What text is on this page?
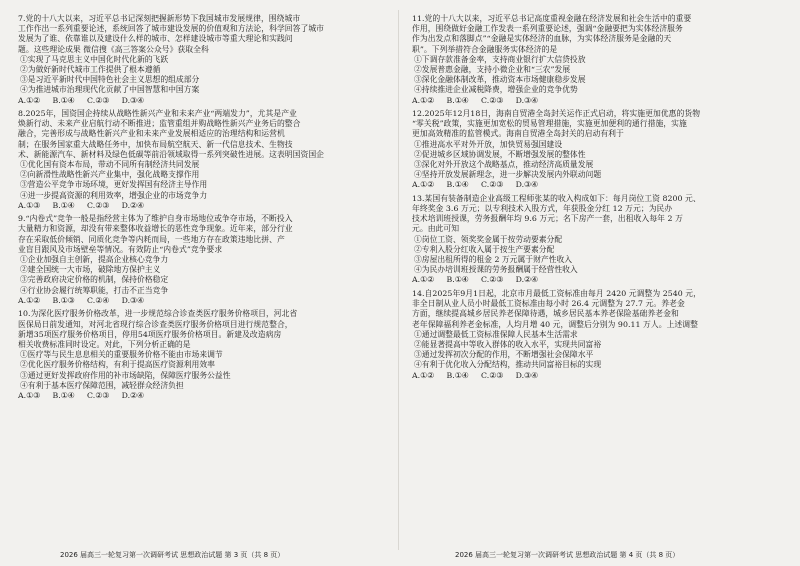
7.党的十八大以来，习近平总书记深刻把握新形势下我国城市发展规律，围绕城市
工作作出一系列重要论述，系统回答了城市建设发展的价值观和方法论，科学回答了城市
发展为了谁、依靠谁以及建设什么样的城市、怎样建设城市等重大理论和实践问
题。这些理论成果 微信搜《高三答案公众号》获取全科
①实现了马克思主义中国化时代化新的飞跃
②为做好新时代城市工作提供了根本遵循
③是习近平新时代中国特色社会主义思想的组成部分
④为推进城市治理现代化贡献了中国智慧和中国方案
A.①②     B.①④     C.②③     D.③④
8.2025年，国资国企持续从战略性新兴产业和未来产业“两端发力”，尤其是产业
焕新行动、未来产业启航行动不断推进；监管重组并购战略性新兴产业务后的整合
融合，完善形成与战略性新兴产业和未来产业发展相适应的治理结构和运营机
制；在服务国家重大战略任务中，加快布局航空航天、新一代信息技术、生物技
术、新能源汽车、新材料及绿色低碳等前沿领域取得一系列突破性进展。这表明国资国企
①优化国有资本布局，带动不同所有制经济共同发展
②向新滑性战略性新兴产业集中，强化战略支撑作用
③营造公平竞争市场环境，更好发挥国有经济主导作用
④进一步提高资源的利用效率，增强企业的市场竞争力
A.①③     B.①④     C.②③     D.②④
9.“内卷式”竞争一般是指经营主体为了维护自身市场地位或争夺市场，不断投入
大量精力和资源，却没有带来整体收益增长的恶性竞争现象。近年来，部分行业
存在采取低价倾销、同质化竞争等内耗而局，一些地方存在政策违地比拼、产
业盲目跟风及市场壁垒等情况。有效防止“内卷式”竞争要求
①企业加强自主创新，提高企业核心竞争力
②建全国统一大市场，破除地方保护主义
③完善政府决定价格的机制，保持价格稳定
④行业协会履行统筹职能，打击不正当竞争
A.①②     B.①③     C.②④     D.③④
10.为深化医疗服务价格改革，进一步规范综合诊查类医疗服务价格项目，河北省
医保局日前发通知，对河北省现行综合诊查类医疗服务价格项目进行规范整合，
新增35项医疗服务价格项目，停用54项医疗服务价格项目。新建及改造病房
相关收费标准同时设定。对此，下列分析正确的是
①医疗等与民生息息相关的重要服务价格不能由市场来调节
②优化医疗服务价格结构，有利于提高医疗资源利用效率
③通过更好发挥政府作用的补市场缺陷，保障医疗服务公益性
④有利于基本医疗保障范围，减轻群众经济负担
A.①③     B.①④     C.②③     D.②④
11.党的十八大以来，习近平总书记高度重视金融在经济发展和社会生活中的重要
作用，围绕做好金融工作发表一系列重要论述，强调“金融要把为实体经济服务
作为出发点和落脚点”“金融是实体经济的血脉，为实体经济服务是金融的天
职”。下列举措符合金融服务实体经济的是
①下调存款准备金率，支持商业银行扩大信贷投放
②发展普惠金融，支持小微企业和“三农”发展
③深化金融体制改革，推动资本市场健康稳步发展
④持续推进企业减税降费，增强企业的竞争优势
A.①②     B.①④     C.②③     D.③④
12.2025年12月18日，海南自贸港全岛封关运作正式启动，将实施更加优惠的货物
“零关税”政策，实施更加宽松的贸易管理措施，实施更加便利的通行措施，实施
更加高效精准的监管模式。海南自贸港全岛封关的启动有利于
①推进高水平对外开放，加快贸易强国建设
②促进城乡区域协调发展，不断增强发展的整体性
③深化对外开放这个战略基点，推动经济高质量发展
④坚持开放发展新理念，进一步解决发展内外联动问题
A.①②     B.①④     C.②③     D.③④
13.某国有装备制造企业高级工程师张某的收入构成如下：每月岗位工资 8200 元、
年终奖金 3.6 万元；以专利技术入股方式，年获股金分红 12 万元；为民办
技术培训班授课，劳务报酬年均 9.6 万元；名下房产一套，出租收入每年 2 万
元。由此可知
①岗位工资、领奖奖金属于按劳动要素分配
②专利入股分红收入属于按生产要素分配
③房屋出租所得的租金 2 万元属于财产性收入
④为民办培训班授课的劳务报酬属于经营性收入
A.①②     B.①④     C.②③     D.②④
14.自2025年9月1日起，北京市月最低工资标准由每月 2420 元调整为 2540 元，
非全日制从业人员小时最低工资标准由每小时 26.4 元调整为 27.7 元。养老金
方面，继续提高城乡居民养老保障待遇，城乡居民基本养老保险基础养老金和
老年保障福利养老金标准，人均月增 40 元，调整后分别为 90.11 万人。上述调整
①通过调整最低工资标准保障人民基本生活需求
②能显著提高中等收入群体的收入水平，实现共同富裕
③通过发挥初次分配的作用，不断增强社会保障水平
④有利于优化收入分配结构，推动共同富裕目标的实现
A.①②     B.①④     C.②③     D.③④
2026 届高三一轮复习第一次调研考试 思想政治试题 第 3 页（共 8 页）	2026 届高三一轮复习第一次调研考试 思想政治试题 第 4 页（共 8 页）
